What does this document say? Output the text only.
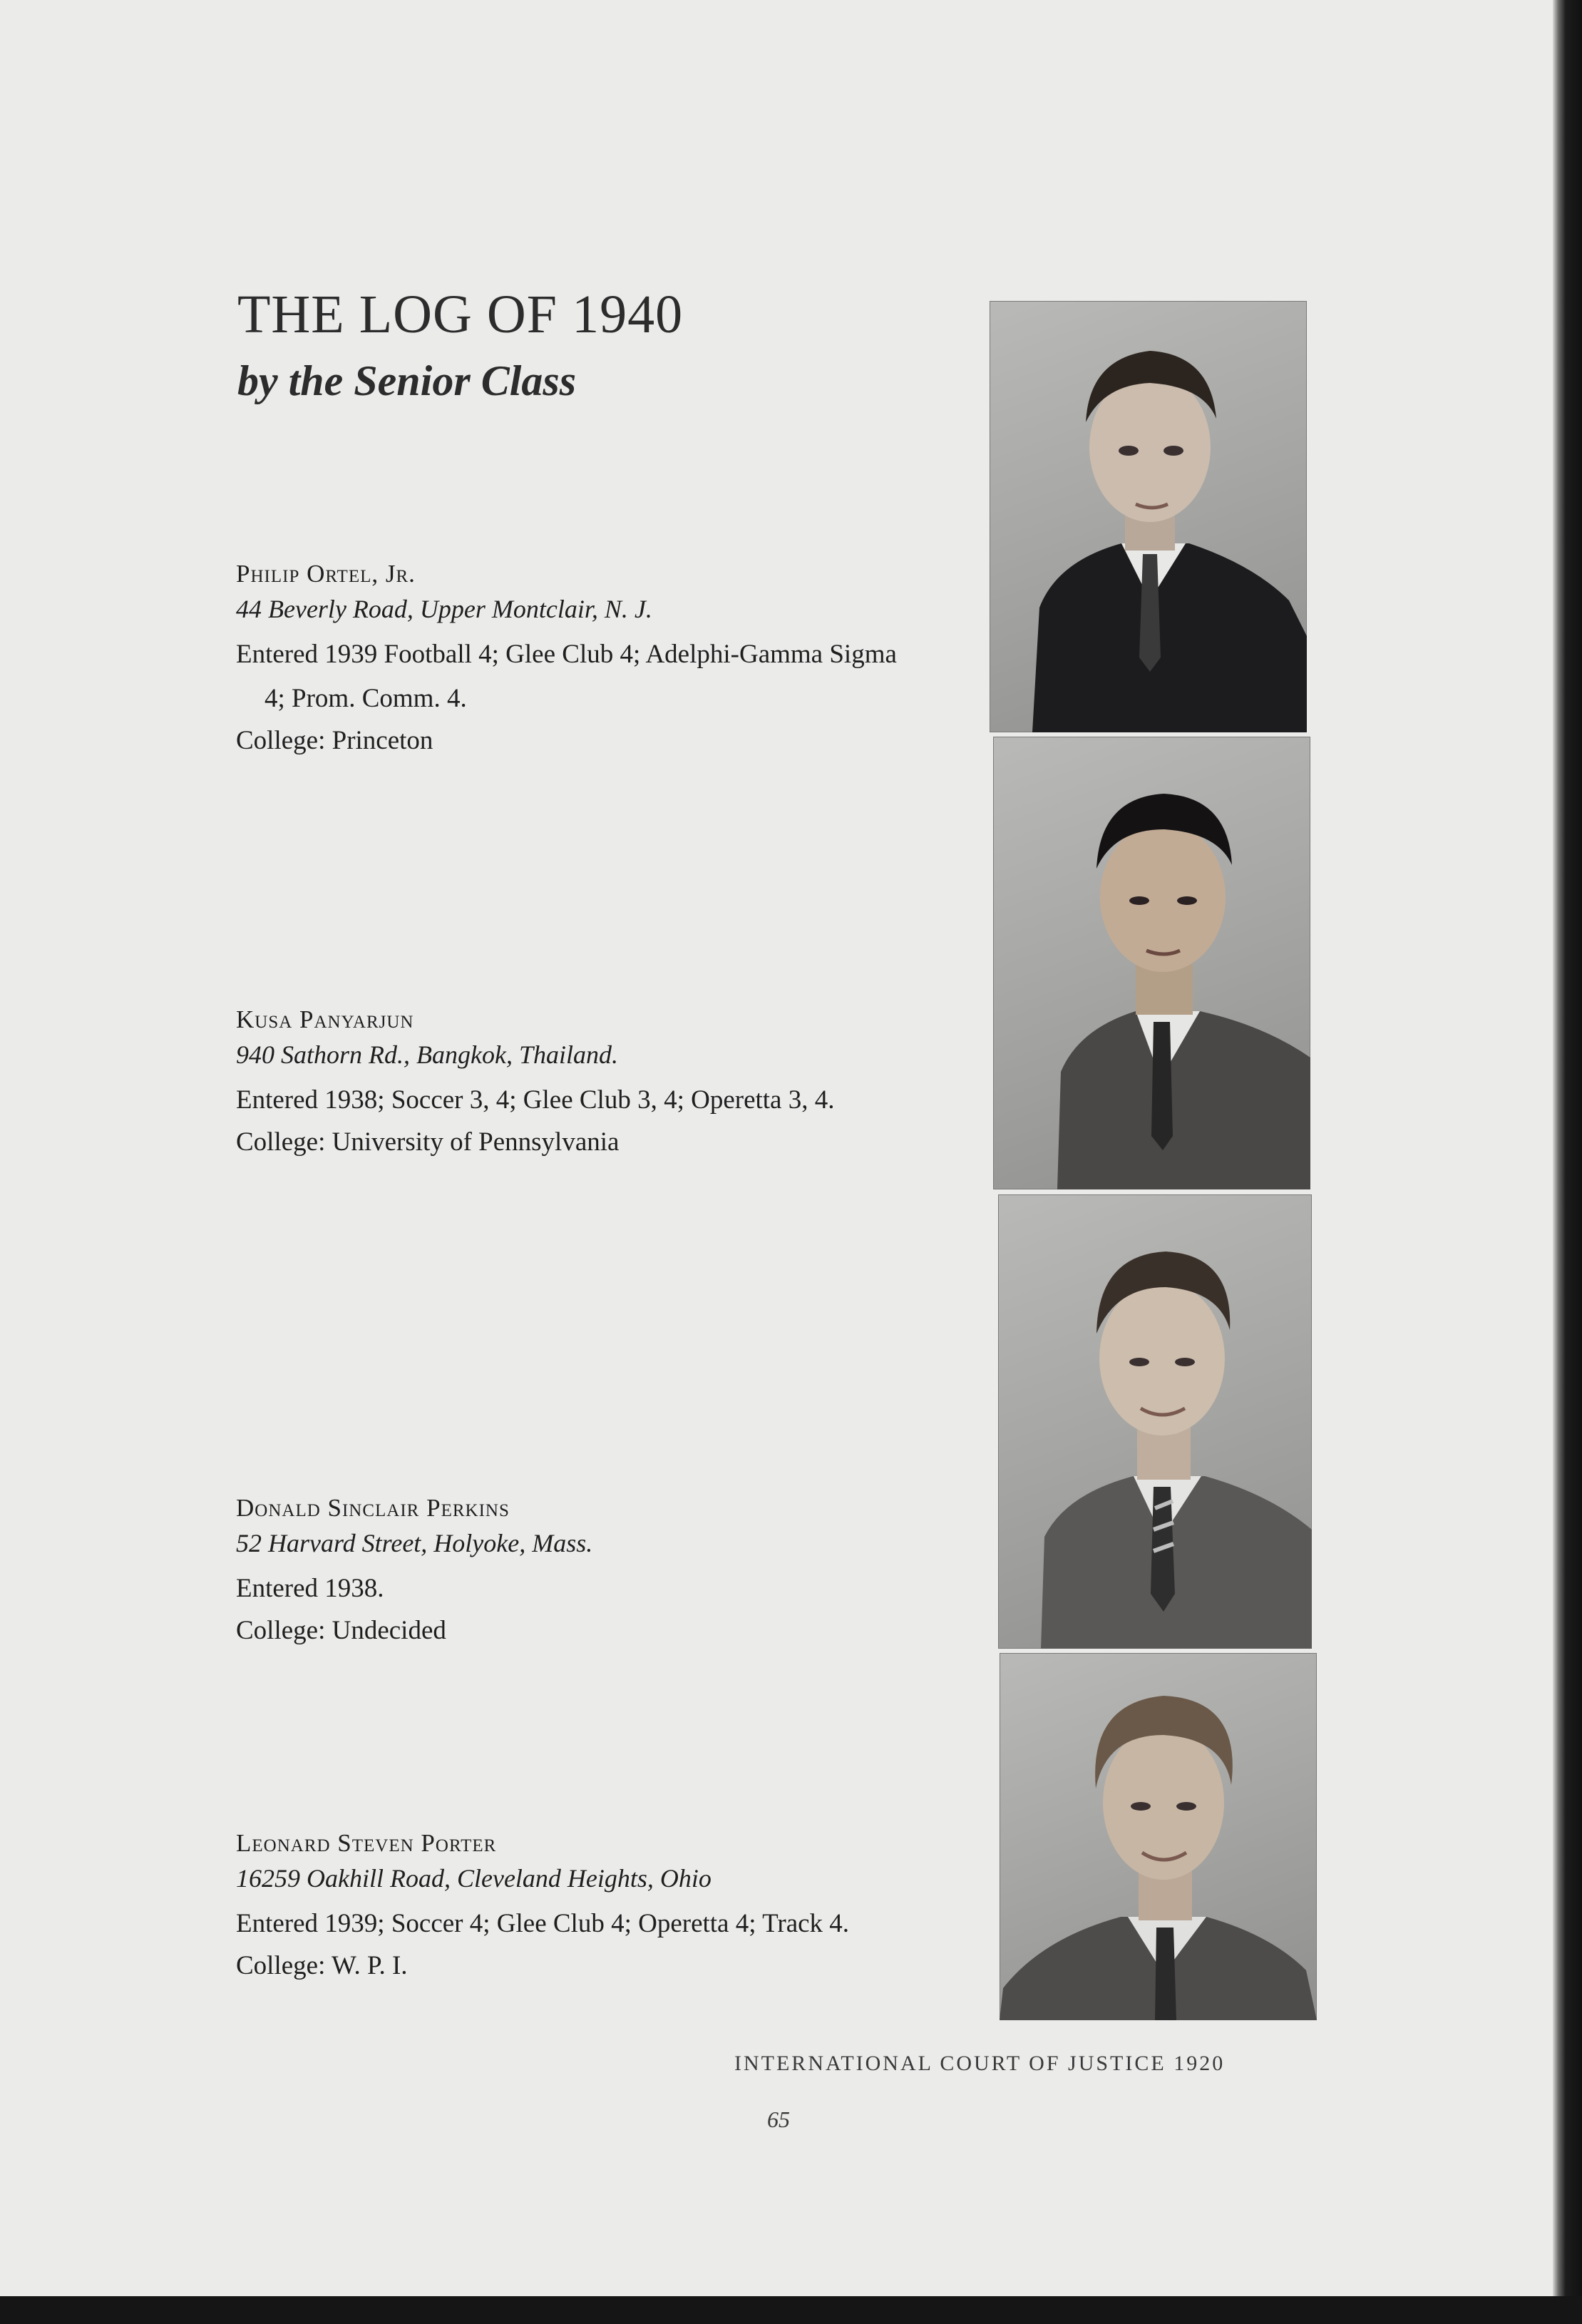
THE LOG OF 1940
by the Senior Class

Philip Ortel, Jr.

44 Beverly Road, Upper Montclair, N. J.

Entered 1939 Football 4; Glee Club 4; Adelphi-Gamma Sigma 4; Prom. Comm. 4.

College: Princeton

Kusa Panyarjun

940 Sathorn Rd., Bangkok, Thailand.

Entered 1938; Soccer 3, 4; Glee Club 3, 4; Operetta 3, 4.

College: University of Pennsylvania

Donald Sinclair Perkins

52 Harvard Street, Holyoke, Mass.

Entered 1938.

College: Undecided

Leonard Steven Porter

16259 Oakhill Road, Cleveland Heights, Ohio

Entered 1939; Soccer 4; Glee Club 4; Operetta 4; Track 4.

College: W. P. I.

INTERNATIONAL COURT OF JUSTICE 1920
65
